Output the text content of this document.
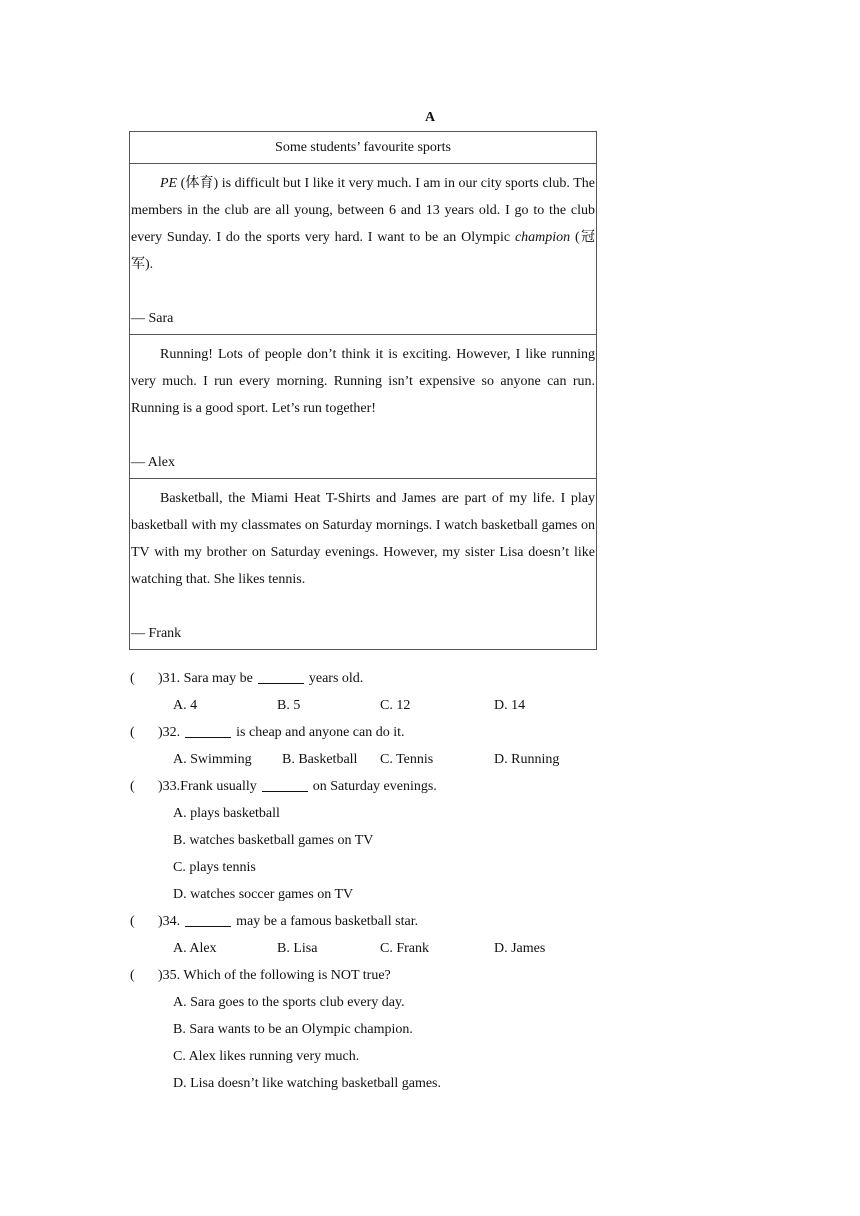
A
Some students’ favourite sports

PE (体育) is difficult but I like it very much. I am in our city sports club. The members in the club are all young, between 6 and 13 years old. I go to the club every Sunday. I do the sports very hard. I want to be an Olympic champion (冠军).

— Sara

Running! Lots of people don’t think it is exciting. However, I like running very much. I run every morning. Running isn’t expensive so anyone can run. Running is a good sport. Let’s run together!

— Alex

Basketball, the Miami Heat T-Shirts and James are part of my life. I play basketball with my classmates on Saturday mornings. I watch basketball games on TV with my brother on Saturday evenings. However, my sister Lisa doesn’t like watching that. She likes tennis.

— Frank

( )31. Sara may be	years old.
A. 4	B. 5	C. 12	D. 14
( )32.	is cheap and anyone can do it.
A. Swimming B. Basketball C. Tennis	D. Running
( )33.Frank usually	on Saturday evenings.
A. plays basketball
B. watches basketball games on TV
C. plays tennis
D. watches soccer games on TV
( )34.	may be a famous basketball star.
A. Alex	B. Lisa	C. Frank	D. James
( )35. Which of the following is NOT true?
A. Sara goes to the sports club every day.
B. Sara wants to be an Olympic champion.
C. Alex likes running very much.
D. Lisa doesn’t like watching basketball games.
